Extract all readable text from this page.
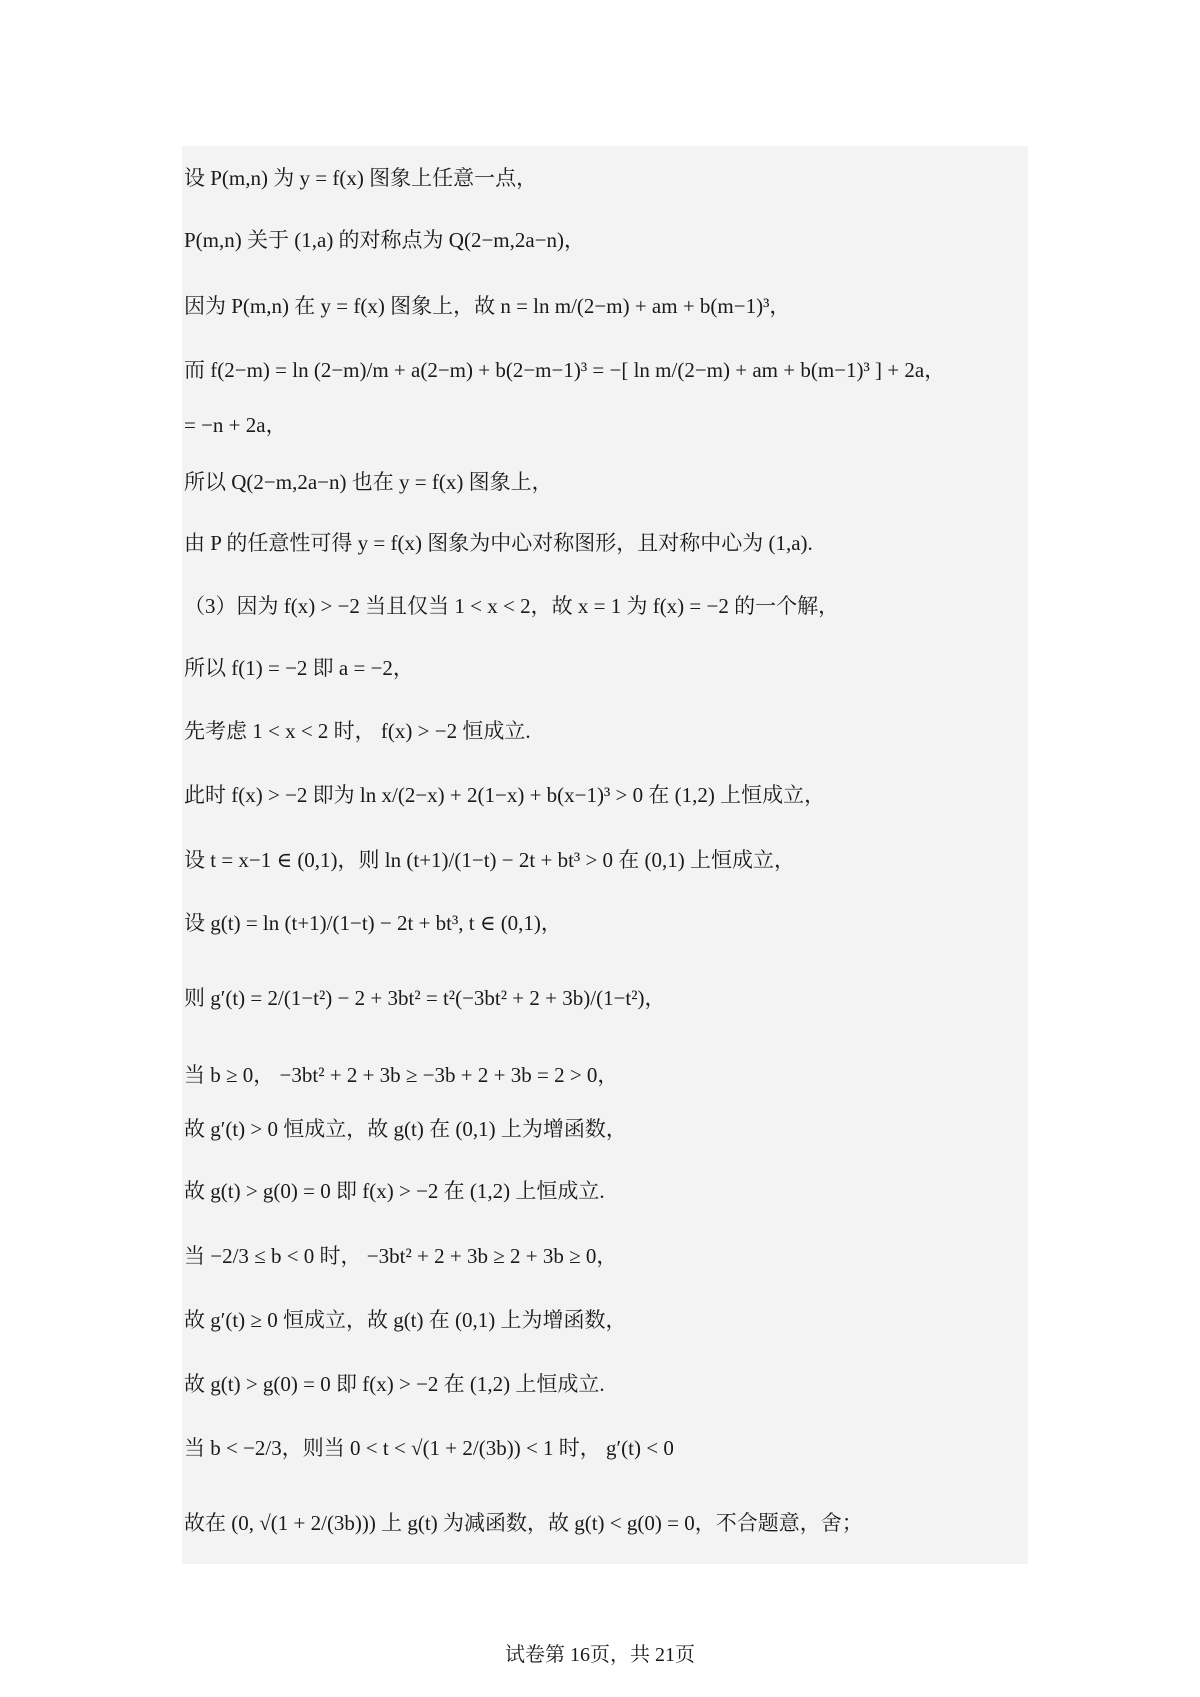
设 P(m,n) 为 y = f(x) 图象上任意一点，
P(m,n) 关于 (1,a) 的对称点为 Q(2−m,2a−n)，
因为 P(m,n) 在 y = f(x) 图象上，故 n = ln m/(2−m) + am + b(m−1)³，
而 f(2−m) = ln (2−m)/m + a(2−m) + b(2−m−1)³ = −[ ln m/(2−m) + am + b(m−1)³ ] + 2a，
= −n + 2a，
所以 Q(2−m,2a−n) 也在 y = f(x) 图象上，
由 P 的任意性可得 y = f(x) 图象为中心对称图形，且对称中心为 (1,a).
（3）因为 f(x) > −2 当且仅当 1 < x < 2，故 x = 1 为 f(x) = −2 的一个解，
所以 f(1) = −2 即 a = −2，
先考虑 1 < x < 2 时， f(x) > −2 恒成立.
此时 f(x) > −2 即为 ln x/(2−x) + 2(1−x) + b(x−1)³ > 0 在 (1,2) 上恒成立，
设 t = x−1 ∈ (0,1)，则 ln (t+1)/(1−t) − 2t + bt³ > 0 在 (0,1) 上恒成立，
设 g(t) = ln (t+1)/(1−t) − 2t + bt³, t ∈ (0,1)，
则 g′(t) = 2/(1−t²) − 2 + 3bt² = t²(−3bt² + 2 + 3b)/(1−t²)，
当 b ≥ 0， −3bt² + 2 + 3b ≥ −3b + 2 + 3b = 2 > 0，
故 g′(t) > 0 恒成立，故 g(t) 在 (0,1) 上为增函数，
故 g(t) > g(0) = 0 即 f(x) > −2 在 (1,2) 上恒成立.
当 −2/3 ≤ b < 0 时， −3bt² + 2 + 3b ≥ 2 + 3b ≥ 0，
故 g′(t) ≥ 0 恒成立，故 g(t) 在 (0,1) 上为增函数，
故 g(t) > g(0) = 0 即 f(x) > −2 在 (1,2) 上恒成立.
当 b < −2/3，则当 0 < t < √(1 + 2/(3b)) < 1 时， g′(t) < 0
故在 (0, √(1 + 2/(3b))) 上 g(t) 为减函数，故 g(t) < g(0) = 0，不合题意，舍；
试卷第 16页，共 21页
